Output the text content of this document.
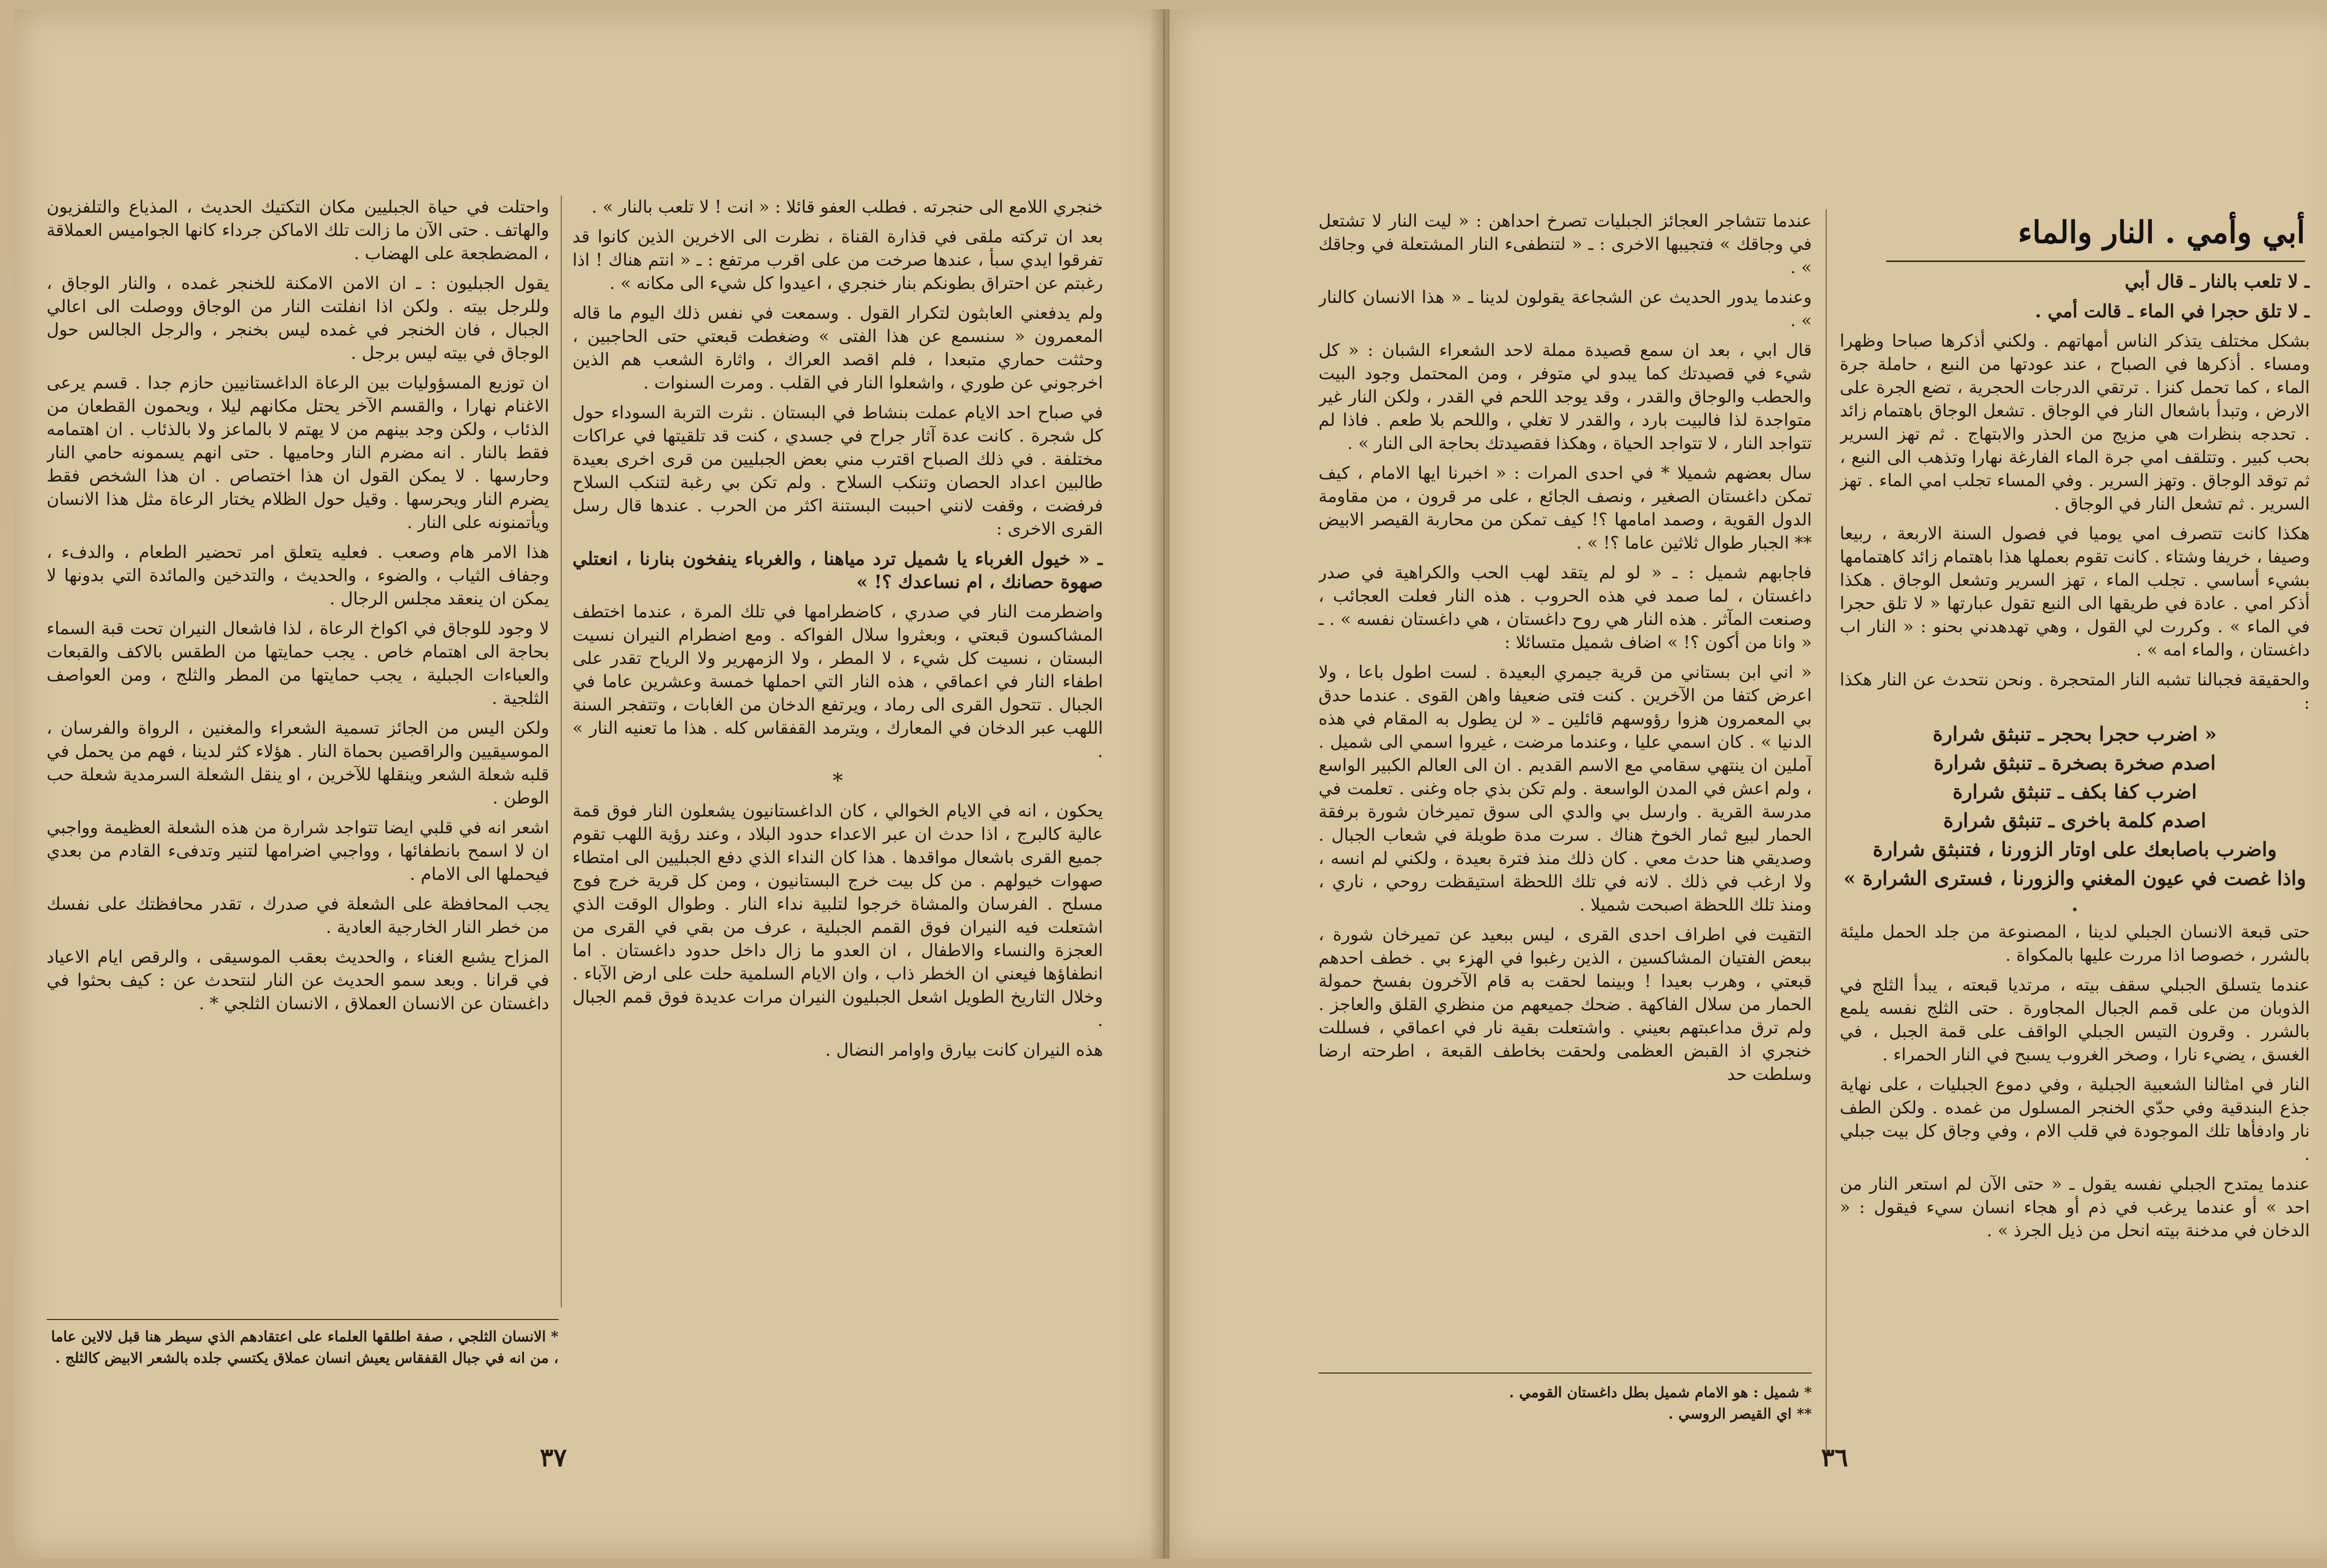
واحتلت في حياة الجبليين مكان التكتيك الحديث ، المذياع والتلفزيون والهاتف . حتى الآن ما زالت تلك الاماكن جرداء كانها الجواميس العملاقة ، المضطجعة على الهضاب .

يقول الجبليون : ـ ان الامن الامكنة للخنجر غمده ، والنار الوجاق ، وللرجل بيته . ولكن اذا انفلتت النار من الوجاق ووصلت الى اعالي الجبال ، فان الخنجر في غمده ليس بخنجر ، والرجل الجالس حول الوجاق في بيته ليس برجل .

ان توزيع المسؤوليات بين الرعاة الداغستانيين حازم جدا . قسم يرعى الاغنام نهارا ، والقسم الآخر يحتل مكانهم ليلا ، ويحمون القطعان من الذئاب ، ولكن وجد بينهم من لا يهتم لا بالماعز ولا بالذئاب . ان اهتمامه فقط بالنار . انه مضرم النار وحاميها . حتى انهم يسمونه حامي النار وحارسها . لا يمكن القول ان هذا اختصاص . ان هذا الشخص فقط يضرم النار ويحرسها . وقيل حول الظلام يختار الرعاة مثل هذا الانسان ويأتمنونه على النار .

هذا الامر هام وصعب . فعليه يتعلق امر تحضير الطعام ، والدفء ، وجفاف الثياب ، والضوء ، والحديث ، والتدخين والمائدة التي بدونها لا يمكن ان ينعقد مجلس الرجال .

لا وجود للوجاق في اكواخ الرعاة ، لذا فاشعال النيران تحت قبة السماء بحاجة الى اهتمام خاص . يجب حمايتها من الطقس بالاكف والقبعات والعباءات الجبلية ، يجب حمايتها من المطر والثلج ، ومن العواصف الثلجية .

ولكن اليس من الجائز تسمية الشعراء والمغنين ، الرواة والفرسان ، الموسيقيين والراقصين بحماة النار . هؤلاء كثر لدينا ، فهم من يحمل في قلبه شعلة الشعر وينقلها للآخرين ، او ينقل الشعلة السرمدية شعلة حب الوطن .

اشعر انه في قلبي ايضا تتواجد شرارة من هذه الشعلة العظيمة وواجبي ان لا اسمح بانطفائها ، وواجبي اضرامها لتنير وتدفىء القادم من بعدي فيحملها الى الامام .

يجب المحافظة على الشعلة في صدرك ، تقدر محافظتك على نفسك من خطر النار الخارجية العادية .

المزاح يشبع الغناء ، والحديث بعقب الموسيقى ، والرقص ايام الاعياد في قرانا . وبعد سمو الحديث عن النار لنتحدث عن : كيف بحثوا في داغستان عن الانسان العملاق ، الانسان الثلجي * .

خنجري اللامع الى حنجرته . فطلب العفو قائلا : « انت ! لا تلعب بالنار » .

بعد ان تركته ملقى في قذارة القناة ، نظرت الى الاخرين الذين كانوا قد تفرقوا ايدي سبأ ، عندها صرخت من على اقرب مرتفع : ـ « انتم هناك ! اذا رغبتم عن احتراق بطونكم بنار خنجري ، اعيدوا كل شيء الى مكانه » .

ولم يدفعني العابثون لتكرار القول . وسمعت في نفس ذلك اليوم ما قاله المعمرون « سنسمع عن هذا الفتى » وضغطت قبعتي حتى الحاجبين ، وحثثت حماري متبعدا ، فلم اقصد العراك ، واثارة الشعب هم الذين اخرجوني عن طوري ، واشعلوا النار في القلب . ومرت السنوات .

في صباح احد الايام عملت بنشاط في البستان . نثرت التربة السوداء حول كل شجرة . كانت عدة آثار جراح في جسدي ، كنت قد تلقيتها في عراكات مختلفة . في ذلك الصباح اقترب مني بعض الجبليين من قرى اخرى بعيدة طالبين اعداد الحصان وتنكب السلاح . ولم تكن بي رغبة لتنكب السلاح فرفضت ، وقفت لانني احببت البستنة اكثر من الحرب . عندها قال رسل القرى الاخرى :

ـ « خيول الغرباء يا شميل ترد مياهنا ، والغرباء ينفخون بنارنا ، انعتلي صهوة حصانك ، ام نساعدك ؟! »

واضطرمت النار في صدري ، كاضطرامها في تلك المرة ، عندما اختطف المشاكسون قبعتي ، وبعثروا سلال الفواكه . ومع اضطرام النيران نسيت البستان ، نسيت كل شيء ، لا المطر ، ولا الزمهرير ولا الرياح تقدر على اطفاء النار في اعماقي ، هذه النار التي احملها خمسة وعشرين عاما في الجبال . تتحول القرى الى رماد ، ويرتفع الدخان من الغابات ، وتتفجر السنة اللهب عبر الدخان في المعارك ، ويترمد القفقاس كله . هذا ما تعنيه النار » .

*

يحكون ، انه في الايام الخوالي ، كان الداغستانيون يشعلون النار فوق قمة عالية كالبرج ، اذا حدث ان عبر الاعداء حدود البلاد ، وعند رؤية اللهب تقوم جميع القرى باشعال مواقدها . هذا كان النداء الذي دفع الجبليين الى امتطاء صهوات خيولهم . من كل بيت خرج البستانيون ، ومن كل قرية خرج فوج مسلح . الفرسان والمشاة خرجوا لتلبية نداء النار . وطوال الوقت الذي اشتعلت فيه النيران فوق القمم الجبلية ، عرف من بقي في القرى من العجزة والنساء والاطفال ، ان العدو ما زال داخل حدود داغستان . اما انطفاؤها فيعني ان الخطر ذاب ، وان الايام السلمية حلت على ارض الآباء . وخلال التاريخ الطويل اشعل الجبليون النيران مرات عديدة فوق قمم الجبال .

هذه النيران كانت بيارق واوامر النضال .

* الانسان الثلجي ، صفة اطلقها العلماء على اعتقادهم الذي سيطر هنا قبل لالاين عاما ، من انه في جبال القفقاس يعيش انسان عملاق يكتسي جلده بالشعر الابيض كالثلج .
٣٧

عندما تتشاجر العجائز الجبليات تصرخ احداهن : « ليت النار لا تشتعل في وجاقك » فتجيبها الاخرى : ـ « لتنطفىء النار المشتعلة في وجاقك » .

وعندما يدور الحديث عن الشجاعة يقولون لدينا ـ « هذا الانسان كالنار » .

قال ابي ، بعد ان سمع قصيدة مملة لاحد الشعراء الشبان : « كل شيء في قصيدتك كما يبدو لي متوفر ، ومن المحتمل وجود البيت والحطب والوجاق والقدر ، وقد يوجد اللحم في القدر ، ولكن النار غير متواجدة لذا فالبيت بارد ، والقدر لا تغلي ، واللحم بلا طعم . فاذا لم تتواجد النار ، لا تتواجد الحياة ، وهكذا فقصيدتك بحاجة الى النار » .

سال بعضهم شميلا * في احدى المرات : « اخبرنا ايها الامام ، كيف تمكن داغستان الصغير ، ونصف الجائع ، على مر قرون ، من مقاومة الدول القوية ، وصمد امامها ؟! كيف تمكن من محاربة القيصر الابيض ** الجبار طوال ثلاثين عاما ؟! » .

فاجابهم شميل : ـ « لو لم يتقد لهب الحب والكراهية في صدر داغستان ، لما صمد في هذه الحروب . هذه النار فعلت العجائب ، وصنعت المآثر . هذه النار هي روح داغستان ، هي داغستان نفسه » . ـ « وانا من أكون ؟! » اضاف شميل متسائلا :

« اني ابن بستاني من قرية جيمري البعيدة . لست اطول باعا ، ولا اعرض كتفا من الآخرين . كنت فتى ضعيفا واهن القوى . عندما حدق بي المعمرون هزوا رؤوسهم قائلين ـ « لن يطول به المقام في هذه الدنيا » . كان اسمي عليا ، وعندما مرضت ، غيروا اسمي الى شميل . آملين ان ينتهي سقامي مع الاسم القديم . ان الى العالم الكبير الواسع ، ولم اعش في المدن الواسعة . ولم تكن بذي جاه وغنى . تعلمت في مدرسة القرية . وارسل بي والدي الى سوق تميرخان شورة برفقة الحمار لبيع ثمار الخوخ هناك . سرت مدة طويلة في شعاب الجبال . وصديقي هنا حدث معي . كان ذلك منذ فترة بعيدة ، ولكني لم انسه ، ولا ارغب في ذلك . لانه في تلك اللحظة استيقظت روحي ، ناري ، ومنذ تلك اللحظة اصبحت شميلا .

التقيت في اطراف احدى القرى ، ليس ببعيد عن تميرخان شورة ، ببعض الفتيان المشاكسين ، الذين رغبوا في الهزء بي . خطف احدهم قبعتي ، وهرب بعيدا ! وبينما لحقت به قام الآخرون بفسخ حمولة الحمار من سلال الفاكهة . ضحك جميعهم من منظري القلق والعاجز . ولم ترق مداعبتهم بعيني . واشتعلت بقية نار في اعماقي ، فسللت خنجري اذ القبض العظمى ولحقت بخاطف القبعة ، اطرحته ارضا وسلطت حد

أبي وأمي . النار والماء

ـ لا تلعب بالنار ـ قال أبي

ـ لا تلق حجرا في الماء ـ قالت أمي .

بشكل مختلف يتذكر الناس أمهاتهم . ولكني أذكرها صباحا وظهرا ومساء . أذكرها في الصباح ، عند عودتها من النبع ، حاملة جرة الماء ، كما تحمل كنزا . ترتقي الدرجات الحجرية ، تضع الجرة على الارض ، وتبدأ باشعال النار في الوجاق . تشعل الوجاق باهتمام زائد . تحدجه بنظرات هي مزيج من الحذر والابتهاج . ثم تهز السرير بحب كبير . وتتلقف امي جرة الماء الفارغة نهارا وتذهب الى النبع ، ثم توقد الوجاق . وتهز السرير . وفي المساء تجلب امي الماء . تهز السرير . ثم تشعل النار في الوجاق .

هكذا كانت تتصرف امي يوميا في فصول السنة الاربعة ، ربيعا وصيفا ، خريفا وشتاء . كانت تقوم بعملها هذا باهتمام زائد كاهتمامها بشيء أساسي . تجلب الماء ، تهز السرير وتشعل الوجاق . هكذا أذكر امي . عادة في طريقها الى النبع تقول عبارتها « لا تلق حجرا في الماء » . وكررت لي القول ، وهي تهدهدني بحنو : « النار اب داغستان ، والماء امه » .

والحقيقة فجبالنا تشبه النار المتحجرة . ونحن نتحدث عن النار هكذا :

« اضرب حجرا بحجر ـ تنبثق شرارة

اصدم صخرة بصخرة ـ تنبثق شرارة

اضرب كفا بكف ـ تنبثق شرارة

اصدم كلمة باخرى ـ تنبثق شرارة

واضرب باصابعك على اوتار الزورنا ، فتنبثق شرارة

واذا غصت في عيون المغني والزورنا ، فسترى الشرارة » .

حتى قبعة الانسان الجبلي لدينا ، المصنوعة من جلد الحمل مليئة بالشرر ، خصوصا اذا مررت عليها بالمكواة .

عندما يتسلق الجبلي سقف بيته ، مرتديا قبعته ، يبدأ الثلج في الذوبان من على قمم الجبال المجاورة . حتى الثلج نفسه يلمع بالشرر . وقرون التيس الجبلي الواقف على قمة الجبل ، في الغسق ، يضيء نارا ، وصخر الغروب يسبح في النار الحمراء .

النار في امثالنا الشعبية الجبلية ، وفي دموع الجبليات ، على نهاية جذع البندقية وفي حدّي الخنجر المسلول من غمده . ولكن الطف نار وادفأها تلك الموجودة في قلب الام ، وفي وجاق كل بيت جبلي .

عندما يمتدح الجبلي نفسه يقول ـ « حتى الآن لم استعر النار من احد » أو عندما يرغب في ذم أو هجاء انسان سيء فيقول : « الدخان في مدخنة بيته انحل من ذيل الجرذ » .

* شميل : هو الامام شميل بطل داغستان القومي .
** اي القيصر الروسي .
٣٦
